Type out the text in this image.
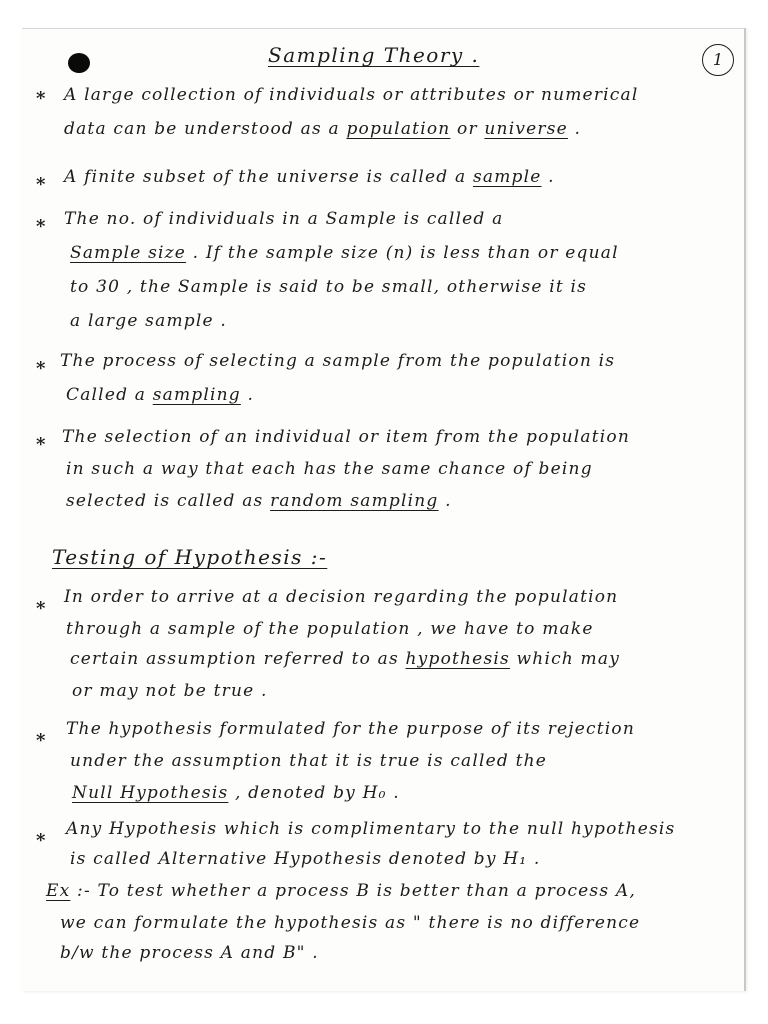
Sampling Theory .	1
* A large collection of individuals or attributes or numerical
data can be understood as a population or universe .
* A finite subset of the universe is called a sample .
* The no. of individuals in a Sample is called a
Sample size . If the sample size (n) is less than or equal
to 30 , the Sample is said to be small, otherwise it is
a large sample .
* The process of selecting a sample from the population is
Called a sampling .
* The selection of an individual or item from the population
in such a way that each has the same chance of being
selected is called as random sampling .
Testing of Hypothesis :-
*
In order to arrive at a decision regarding the population
through a sample of the population , we have to make
certain assumption referred to as hypothesis which may
or may not be true .
*
The hypothesis formulated for the purpose of its rejection
under the assumption that it is true is called the
Null Hypothesis , denoted by H₀ .
*
Any Hypothesis which is complimentary to the null hypothesis
is called Alternative Hypothesis denoted by H₁ .
Ex :- To test whether a process B is better than a process A,
we can formulate the hypothesis as " there is no difference
b/w the process A and B" .
